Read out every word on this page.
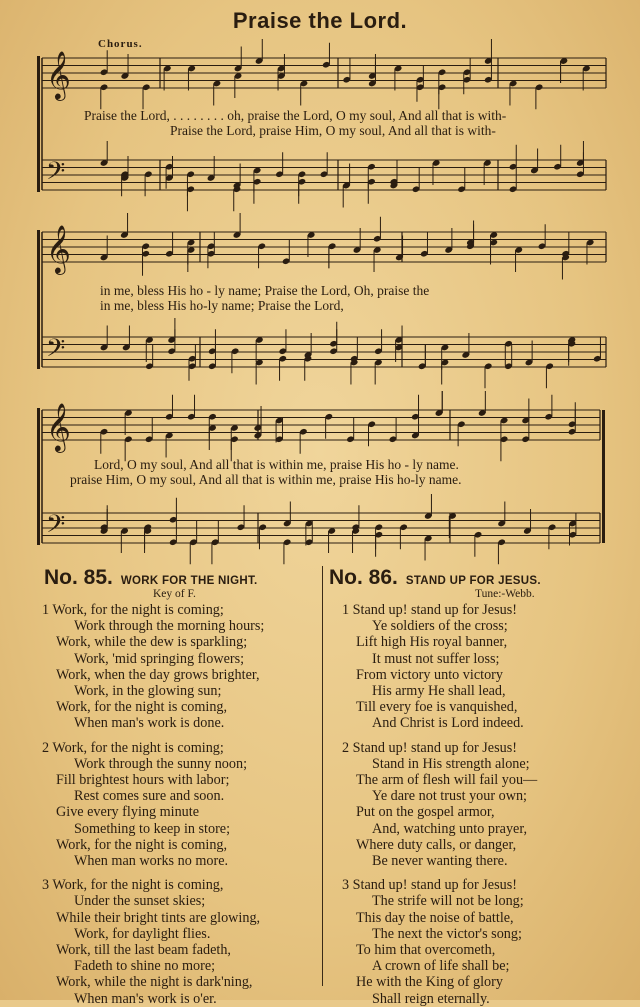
Praise the Lord.
Chorus.
𝄞
𝄢
𝄞
𝄢
𝄞
𝄢
Praise the Lord, . . . . . . . . oh, praise the Lord, O my soul, And all that is with-
Praise the Lord, praise Him, O my soul, And all that is with-
in me, bless His ho - ly name; Praise the Lord, Oh, praise the
in me, bless His ho-ly name; Praise the Lord,
Lord, O my soul, And all that is within me, praise His ho - ly name.
praise Him, O my soul, And all that is within me, praise His ho-ly name.
No. 85. WORK FOR THE NIGHT.
Key of F.
1 Work, for the night is coming;
Work through the morning hours;
Work, while the dew is sparkling;
Work, 'mid springing flowers;
Work, when the day grows brighter,
Work, in the glowing sun;
Work, for the night is coming,
When man's work is done.
2 Work, for the night is coming;
Work through the sunny noon;
Fill brightest hours with labor;
Rest comes sure and soon.
Give every flying minute
Something to keep in store;
Work, for the night is coming,
When man works no more.
3 Work, for the night is coming,
Under the sunset skies;
While their bright tints are glowing,
Work, for daylight flies.
Work, till the last beam fadeth,
Fadeth to shine no more;
Work, while the night is dark'ning,
When man's work is o'er.
No. 86. STAND UP FOR JESUS.
Tune:-Webb.
1 Stand up! stand up for Jesus!
Ye soldiers of the cross;
Lift high His royal banner,
It must not suffer loss;
From victory unto victory
His army He shall lead,
Till every foe is vanquished,
And Christ is Lord indeed.
2 Stand up! stand up for Jesus!
Stand in His strength alone;
The arm of flesh will fail you—
Ye dare not trust your own;
Put on the gospel armor,
And, watching unto prayer,
Where duty calls, or danger,
Be never wanting there.
3 Stand up! stand up for Jesus!
The strife will not be long;
This day the noise of battle,
The next the victor's song;
To him that overcometh,
A crown of life shall be;
He with the King of glory
Shall reign eternally.
